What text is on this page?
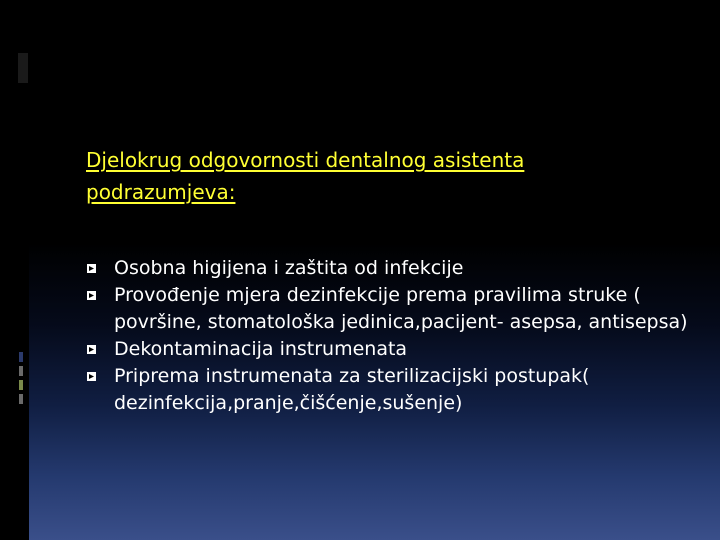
Djelokrug odgovornosti dentalnog asistenta podrazumjeva:
Osobna higijena i zaštita od infekcije
Provođenje mjera dezinfekcije prema pravilima struke ( površine, stomatološka jedinica,pacijent- asepsa, antisepsa)
Dekontaminacija instrumenata
Priprema instrumenata za sterilizacijski postupak( dezinfekcija,pranje,čišćenje,sušenje)
